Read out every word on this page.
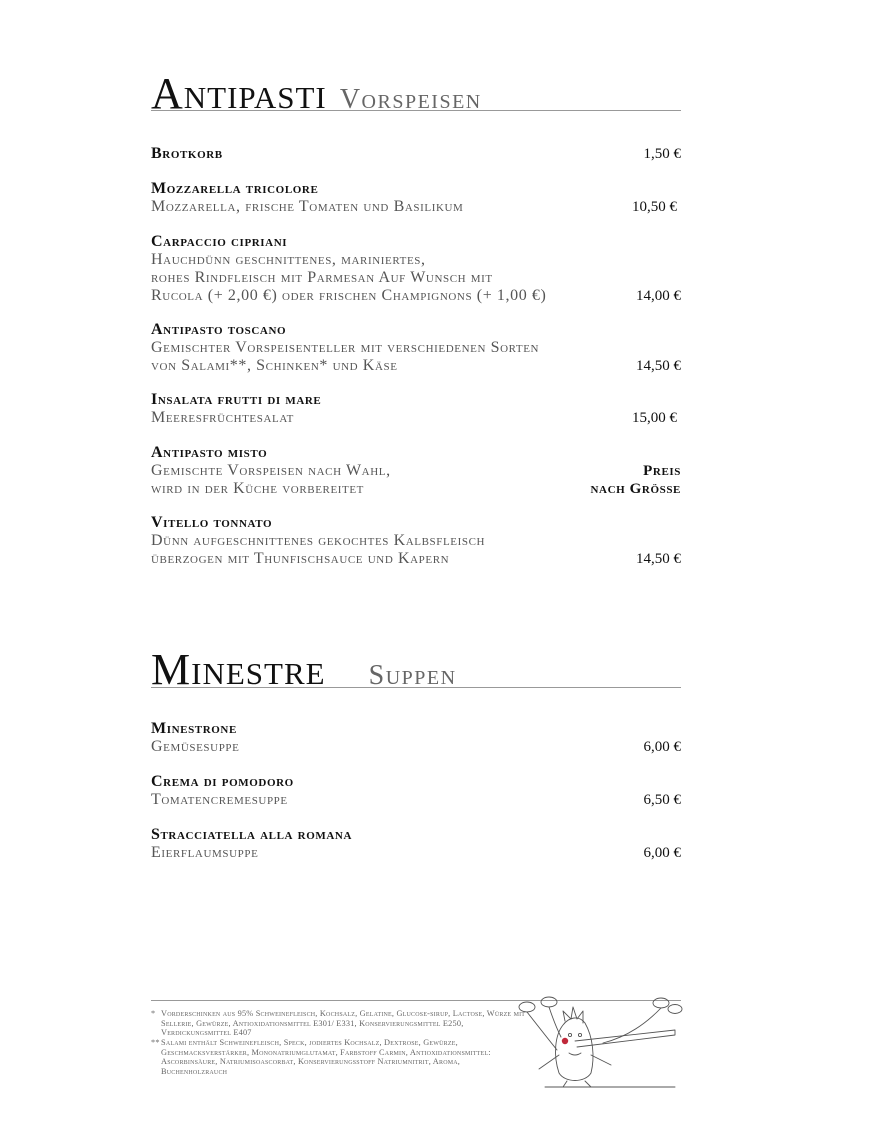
Antipasti Vorspeisen
Brotkorb	1,50 €
Mozzarella tricolore
Mozzarella, frische Tomaten und Basilikum	10,50 €
Carpaccio cipriani
Hauchdünn geschnittenes, mariniertes,
rohes Rindfleisch mit Parmesan Auf Wunsch mit
Rucola (+ 2,00 €) oder frischen Champignons (+ 1,00 €)	14,00 €
Antipasto toscano
Gemischter Vorspeisenteller mit verschiedenen Sorten
von Salami**, Schinken* und Käse	14,50 €
Insalata frutti di mare
Meeresfrüchtesalat	15,00 €
Antipasto misto
Gemischte Vorspeisen nach Wahl,
wird in der Küche vorbereitet
Preis
nach Grösse
Vitello tonnato
Dünn aufgeschnittenes gekochtes Kalbsfleisch
überzogen mit Thunfischsauce und Kapern	14,50 €
Minestre Suppen
Minestrone
Gemüsesuppe	6,00 €
Crema di pomodoro
Tomatencremesuppe	6,50 €
Stracciatella alla romana
Eierflaumsuppe	6,00 €
* Vorderschinken aus 95% Schweinefleisch, Kochsalz, Gelatine, Glucose-sirup, Lactose, Würze mit Sellerie, Gewürze, Antioxidationsmittel E301/ E331, Konservierungsmittel E250, Verdickungsmittel E407
** Salami enthält Schweinefleisch, Speck, jodiertes Kochsalz, Dextrose, Gewürze, Geschmacksverstärker, Mononatriumglutamat, Farbstoff Carmin, Antioxidationsmittel: Ascorbinsäure, Natriumisoascorbat, Konservierungsstoff Natriumnitrit, Aroma, Buchenholzrauch
